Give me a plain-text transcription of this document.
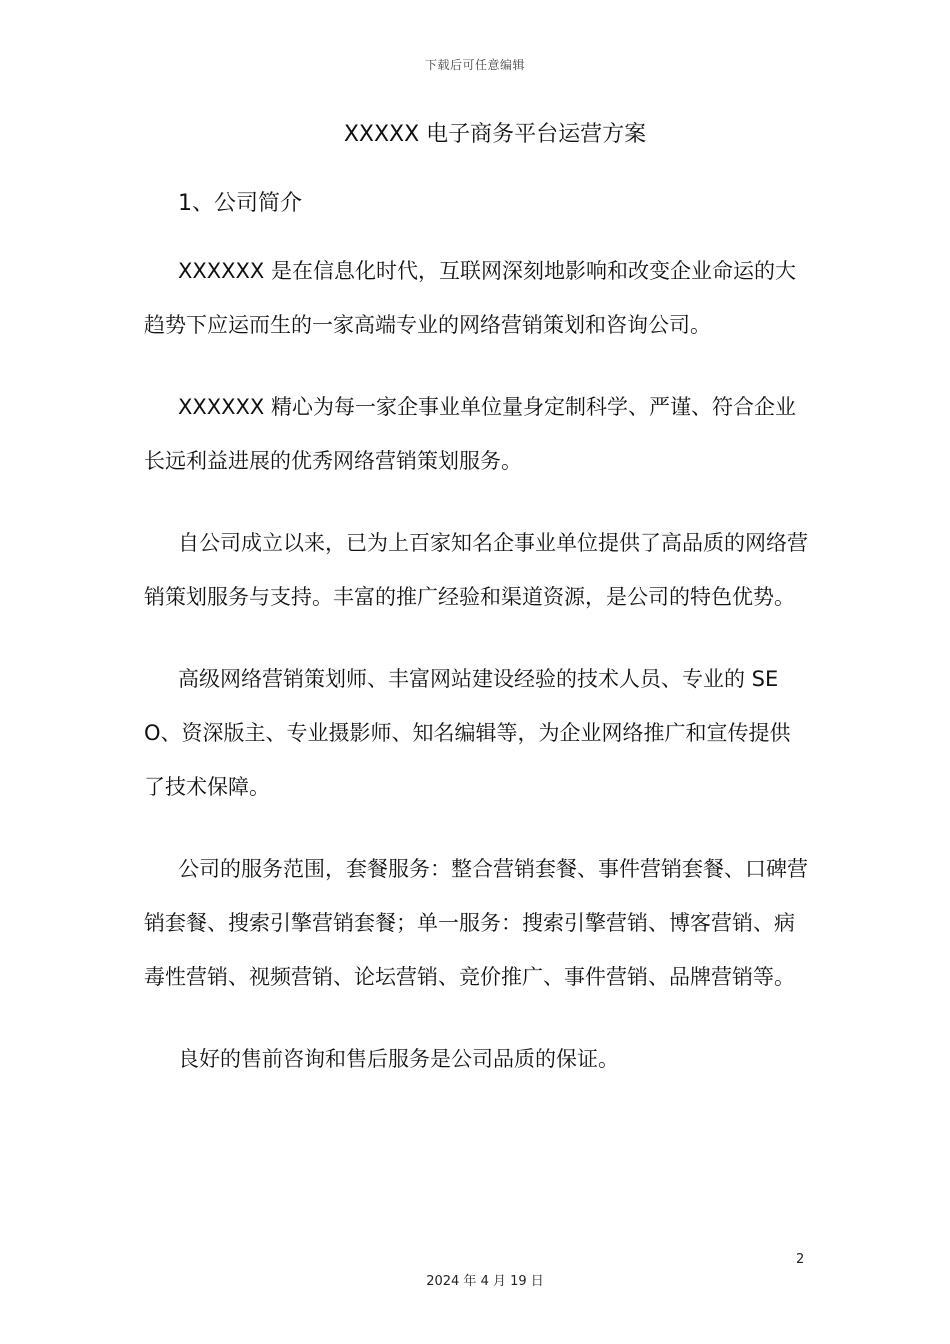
下载后可任意编辑
XXXXX 电子商务平台运营方案
1、公司简介

XXXXXX 是在信息化时代，互联网深刻地影响和改变企业命运的大趋势下应运而生的一家高端专业的网络营销策划和咨询公司。

XXXXXX 精心为每一家企事业单位量身定制科学、严谨、符合企业长远利益进展的优秀网络营销策划服务。

自公司成立以来，已为上百家知名企事业单位提供了高品质的网络营销策划服务与支持。丰富的推广经验和渠道资源，是公司的特色优势。

高级网络营销策划师、丰富网站建设经验的技术人员、专业的 SEO、资深版主、专业摄影师、知名编辑等，为企业网络推广和宣传提供了技术保障。

公司的服务范围，套餐服务：整合营销套餐、事件营销套餐、口碑营销套餐、搜索引擎营销套餐；单一服务：搜索引擎营销、博客营销、病毒性营销、视频营销、论坛营销、竞价推广、事件营销、品牌营销等。

良好的售前咨询和售后服务是公司品质的保证。

2
2024 年 4 月 19 日
